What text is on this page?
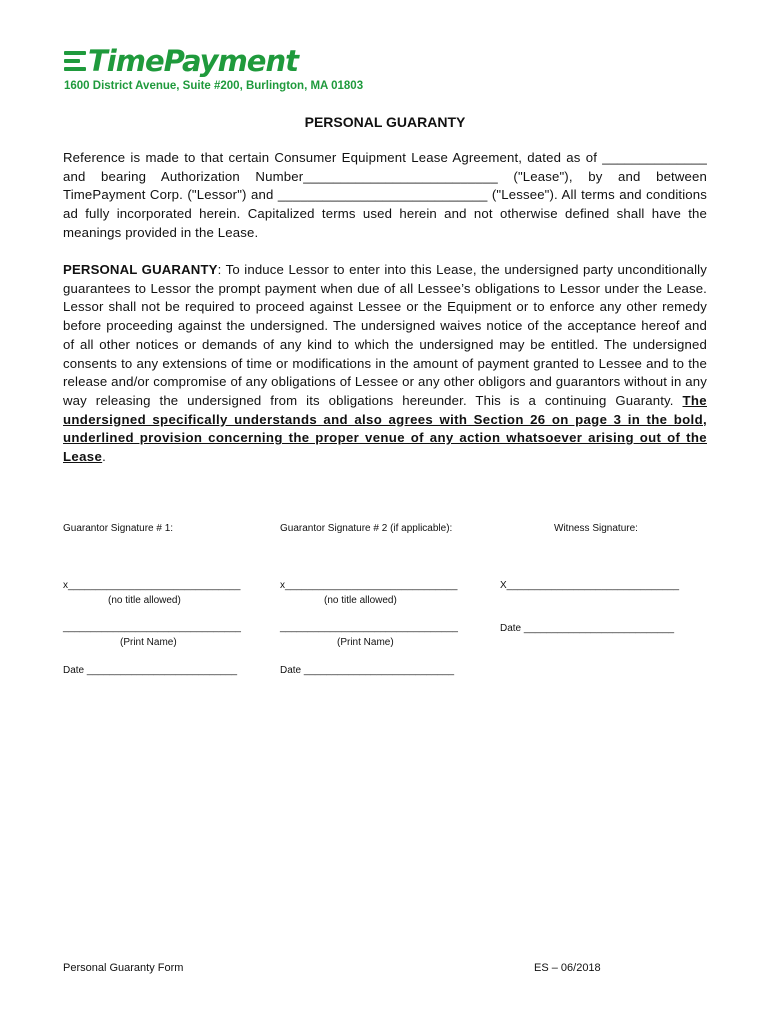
TimePayment
1600 District Avenue, Suite #200, Burlington, MA 01803
PERSONAL GUARANTY
Reference is made to that certain Consumer Equipment Lease Agreement, dated as of ______________ and bearing Authorization Number__________________________ ("Lease"), by and between TimePayment Corp. ("Lessor") and ____________________________ ("Lessee"). All terms and conditions ad fully incorporated herein. Capitalized terms used herein and not otherwise defined shall have the meanings provided in the Lease.
PERSONAL GUARANTY: To induce Lessor to enter into this Lease, the undersigned party unconditionally guarantees to Lessor the prompt payment when due of all Lessee’s obligations to Lessor under the Lease. Lessor shall not be required to proceed against Lessee or the Equipment or to enforce any other remedy before proceeding against the undersigned. The undersigned waives notice of the acceptance hereof and of all other notices or demands of any kind to which the undersigned may be entitled. The undersigned consents to any extensions of time or modifications in the amount of payment granted to Lessee and to the release and/or compromise of any obligations of Lessee or any other obligors and guarantors without in any way releasing the undersigned from its obligations hereunder. This is a continuing Guaranty. The undersigned specifically understands and also agrees with Section 26 on page 3 in the bold, underlined provision concerning the proper venue of any action whatsoever arising out of the Lease.
Guarantor Signature # 1:	Guarantor Signature # 2 (if applicable):	Witness Signature:
x_______________________________	x_______________________________	X_______________________________
(no title allowed)	(no title allowed)
________________________________	________________________________	Date ___________________________
(Print Name)	(Print Name)
Date ___________________________	Date ___________________________
Personal Guaranty Form	ES – 06/2018
